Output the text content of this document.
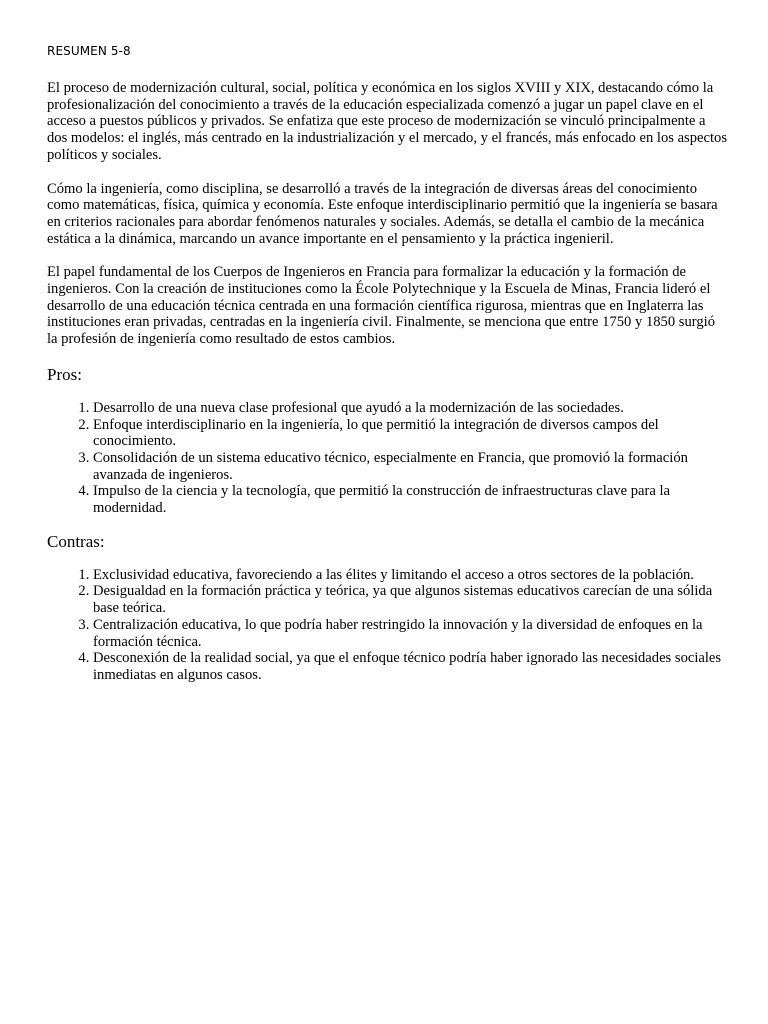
RESUMEN 5-8

El proceso de modernización cultural, social, política y económica en los siglos XVIII y XIX, destacando cómo la profesionalización del conocimiento a través de la educación especializada comenzó a jugar un papel clave en el acceso a puestos públicos y privados. Se enfatiza que este proceso de modernización se vinculó principalmente a dos modelos: el inglés, más centrado en la industrialización y el mercado, y el francés, más enfocado en los aspectos políticos y sociales.

Cómo la ingeniería, como disciplina, se desarrolló a través de la integración de diversas áreas del conocimiento como matemáticas, física, química y economía. Este enfoque interdisciplinario permitió que la ingeniería se basara en criterios racionales para abordar fenómenos naturales y sociales. Además, se detalla el cambio de la mecánica estática a la dinámica, marcando un avance importante en el pensamiento y la práctica ingenieril.

El papel fundamental de los Cuerpos de Ingenieros en Francia para formalizar la educación y la formación de ingenieros. Con la creación de instituciones como la École Polytechnique y la Escuela de Minas, Francia lideró el desarrollo de una educación técnica centrada en una formación científica rigurosa, mientras que en Inglaterra las instituciones eran privadas, centradas en la ingeniería civil. Finalmente, se menciona que entre 1750 y 1850 surgió la profesión de ingeniería como resultado de estos cambios.

Pros:
1. Desarrollo de una nueva clase profesional que ayudó a la modernización de las sociedades.
2. Enfoque interdisciplinario en la ingeniería, lo que permitió la integración de diversos campos del conocimiento.
3. Consolidación de un sistema educativo técnico, especialmente en Francia, que promovió la formación avanzada de ingenieros.
4. Impulso de la ciencia y la tecnología, que permitió la construcción de infraestructuras clave para la modernidad.
Contras:
1. Exclusividad educativa, favoreciendo a las élites y limitando el acceso a otros sectores de la población.
2. Desigualdad en la formación práctica y teórica, ya que algunos sistemas educativos carecían de una sólida base teórica.
3. Centralización educativa, lo que podría haber restringido la innovación y la diversidad de enfoques en la formación técnica.
4. Desconexión de la realidad social, ya que el enfoque técnico podría haber ignorado las necesidades sociales inmediatas en algunos casos.
